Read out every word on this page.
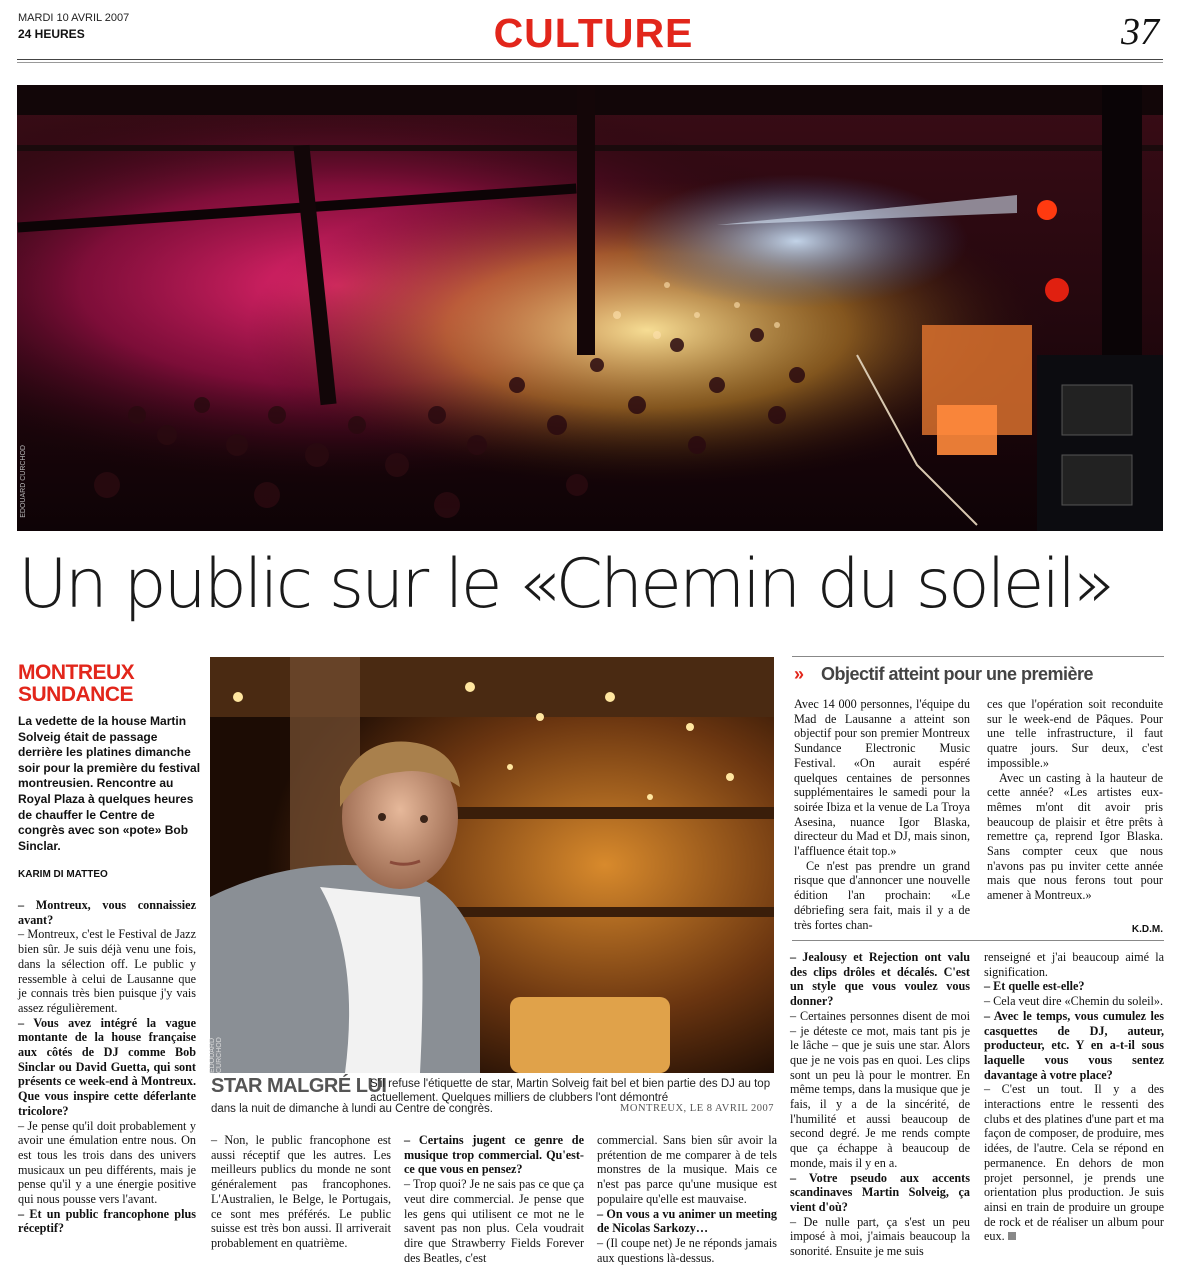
MARDI 10 AVRIL 2007
24 HEURES	CULTURE	37
EDOUARD CURCHOD
Un public sur le «Chemin du soleil»
MONTREUX
SUNDANCE
La vedette de la house Martin Solveig était de passage derrière les platines dimanche soir pour la première du festival montreusien. Rencontre au Royal Plaza à quelques heures de chauffer le Centre de congrès avec son «pote» Bob Sinclar.
KARIM DI MATTEO

– Montreux, vous connaissiez avant?

– Montreux, c'est le Festival de Jazz bien sûr. Je suis déjà venu une fois, dans la sélection off. Le public y ressemble à celui de Lausanne que je connais très bien puisque j'y vais assez régulièrement.

– Vous avez intégré la vague montante de la house française aux côtés de DJ comme Bob Sinclar ou David Guetta, qui sont présents ce week-end à Montreux. Que vous inspire cette déferlante tricolore?

– Je pense qu'il doit probablement y avoir une émulation entre nous. On est tous les trois dans des univers musicaux un peu différents, mais je pense qu'il y a une énergie positive qui nous pousse vers l'avant.

– Et un public francophone plus réceptif?

EDOUARD CURCHOD
STAR MALGRÉ LUI
S'il refuse l'étiquette de star, Martin Solveig fait bel et bien partie des DJ au top actuellement. Quelques milliers de clubbers l'ont démontré
dans la nuit de dimanche à lundi au Centre de congrès.	MONTREUX, LE 8 AVRIL 2007

– Non, le public francophone est aussi réceptif que les autres. Les meilleurs publics du monde ne sont généralement pas francophones. L'Australien, le Belge, le Portugais, ce sont mes préférés. Le public suisse est très bon aussi. Il arriverait probablement en quatrième.

– Certains jugent ce genre de musique trop commercial. Qu'est-ce que vous en pensez?

– Trop quoi? Je ne sais pas ce que ça veut dire commercial. Je pense que les gens qui utilisent ce mot ne le savent pas non plus. Cela voudrait dire que Strawberry Fields Forever des Beatles, c'est

commercial. Sans bien sûr avoir la prétention de me comparer à de tels monstres de la musique. Mais ce n'est pas parce qu'une musique est populaire qu'elle est mauvaise.

– On vous a vu animer un meeting de Nicolas Sarkozy…

– (Il coupe net) Je ne réponds jamais aux questions là-dessus.

» Objectif atteint pour une première

Avec 14 000 personnes, l'équipe du Mad de Lausanne a atteint son objectif pour son premier Montreux Sundance Electronic Music Festival. «On aurait espéré quelques centaines de personnes supplémentaires le samedi pour la soirée Ibiza et la venue de La Troya Asesina, nuance Igor Blaska, directeur du Mad et DJ, mais sinon, l'affluence était top.»

Ce n'est pas prendre un grand risque que d'annoncer une nouvelle édition l'an prochain: «Le débriefing sera fait, mais il y a de très fortes chan-

ces que l'opération soit reconduite sur le week-end de Pâques. Pour une telle infrastructure, il faut quatre jours. Sur deux, c'est impossible.»

Avec un casting à la hauteur de cette année? «Les artistes eux-mêmes m'ont dit avoir pris beaucoup de plaisir et être prêts à remettre ça, reprend Igor Blaska. Sans compter ceux que nous n'avons pas pu inviter cette année mais que nous ferons tout pour amener à Montreux.»

K.D.M.

– Jealousy et Rejection ont valu des clips drôles et décalés. C'est un style que vous voulez vous donner?

– Certaines personnes disent de moi – je déteste ce mot, mais tant pis je le lâche – que je suis une star. Alors que je ne vois pas en quoi. Les clips sont un peu là pour le montrer. En même temps, dans la musique que je fais, il y a de la sincérité, de l'humilité et aussi beaucoup de second degré. Je me rends compte que ça échappe à beaucoup de monde, mais il y en a.

– Votre pseudo aux accents scandinaves Martin Solveig, ça vient d'où?

– De nulle part, ça s'est un peu imposé à moi, j'aimais beaucoup la sonorité. Ensuite je me suis

renseigné et j'ai beaucoup aimé la signification.

– Et quelle est-elle?

– Cela veut dire «Chemin du soleil».

– Avec le temps, vous cumulez les casquettes de DJ, auteur, producteur, etc. Y en a-t-il sous laquelle vous vous sentez davantage à votre place?

– C'est un tout. Il y a des interactions entre le ressenti des clubs et des platines d'une part et ma façon de composer, de produire, mes idées, de l'autre. Cela se répond en permanence. En dehors de mon projet personnel, je prends une orientation plus production. Je suis ainsi en train de produire un groupe de rock et de réaliser un album pour eux.
